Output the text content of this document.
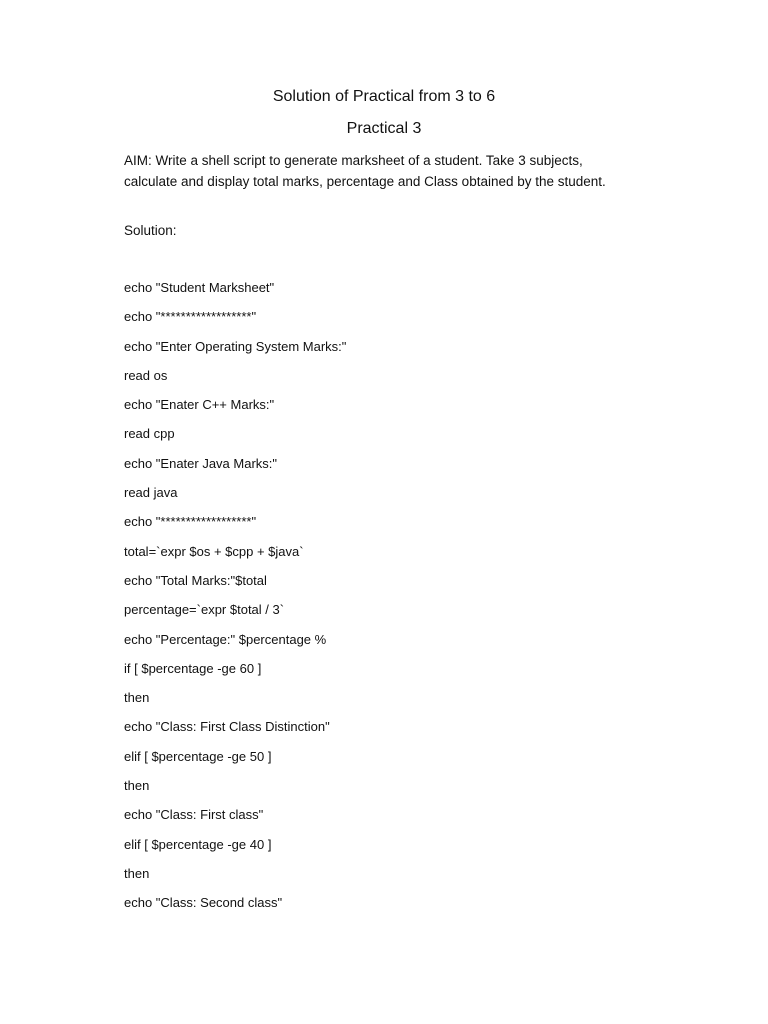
Solution of Practical from 3 to 6
Practical 3

AIM: Write a shell script to generate marksheet of a student. Take 3 subjects, calculate and display total marks, percentage and Class obtained by the student.

Solution:

echo "Student Marksheet"
echo "******************"
echo "Enter Operating System Marks:"
read os
echo "Enater C++ Marks:"
read cpp
echo "Enater Java Marks:"
read java
echo "******************"
total=`expr $os + $cpp + $java`
echo "Total Marks:"$total
percentage=`expr $total / 3`
echo "Percentage:" $percentage %
if [ $percentage -ge 60 ]
then
echo "Class: First Class Distinction"
elif [ $percentage -ge 50 ]
then
echo "Class: First class"
elif [ $percentage -ge 40 ]
then
echo "Class: Second class"
